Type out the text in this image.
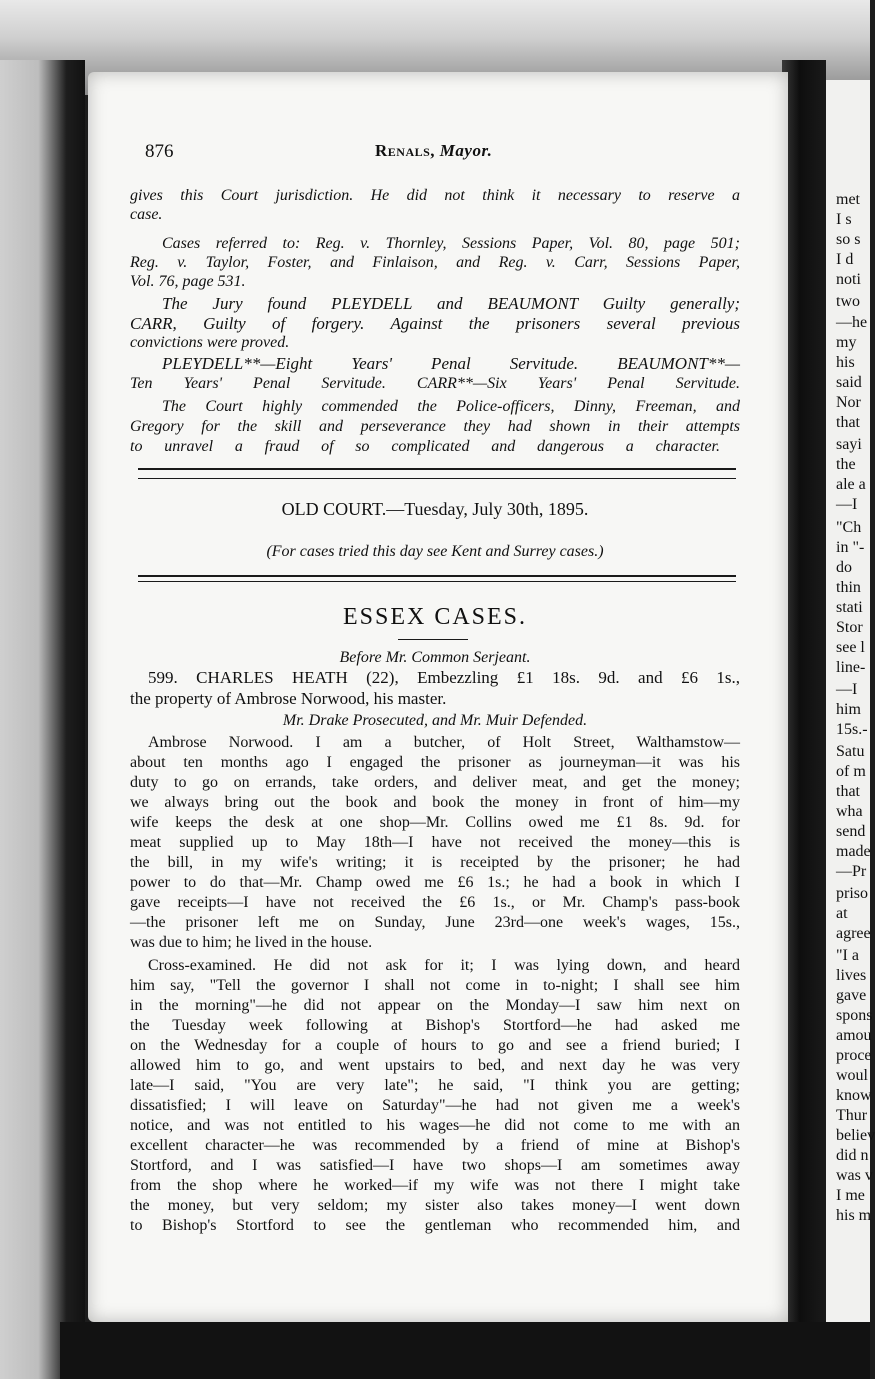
met
I s
so s
I d
noti
two
—he
my
his
said
Nor
that
sayi
the
ale a
—I
"Ch
in "-
do
thin
stati
Stor
see l
line-
—I
him
15s.-
Satu
of m
that
wha
send
made
—Pr
priso
at
agree
"I a
lives
gave
spons
amou
proce
woul
know
Thur
believ
did n
was v
I me
his m
876	Renals, Mayor.
gives this Court jurisdiction. He did not think it necessary to reserve a
case.
Cases referred to: Reg. v. Thornley, Sessions Paper, Vol. 80, page 501;
Reg. v. Taylor, Foster, and Finlaison, and Reg. v. Carr, Sessions Paper,
Vol. 76, page 531.
The Jury found PLEYDELL and BEAUMONT Guilty generally;
CARR, Guilty of forgery. Against the prisoners several previous
convictions were proved.
PLEYDELL**—Eight Years' Penal Servitude. BEAUMONT**—
Ten Years' Penal Servitude. CARR**—Six Years' Penal Servitude.
The Court highly commended the Police-officers, Dinny, Freeman, and
Gregory for the skill and perseverance they had shown in their attempts
to unravel a fraud of so complicated and dangerous a character.
OLD COURT.—Tuesday, July 30th, 1895.
(For cases tried this day see Kent and Surrey cases.)
ESSEX CASES.
Before Mr. Common Serjeant.
599. CHARLES HEATH (22), Embezzling £1 18s. 9d. and £6 1s.,
the property of Ambrose Norwood, his master.
Mr. Drake Prosecuted, and Mr. Muir Defended.
Ambrose Norwood. I am a butcher, of Holt Street, Walthamstow—
about ten months ago I engaged the prisoner as journeyman—it was his
duty to go on errands, take orders, and deliver meat, and get the money;
we always bring out the book and book the money in front of him—my
wife keeps the desk at one shop—Mr. Collins owed me £1 8s. 9d. for
meat supplied up to May 18th—I have not received the money—this is
the bill, in my wife's writing; it is receipted by the prisoner; he had
power to do that—Mr. Champ owed me £6 1s.; he had a book in which I
gave receipts—I have not received the £6 1s., or Mr. Champ's pass-book
—the prisoner left me on Sunday, June 23rd—one week's wages, 15s.,
was due to him; he lived in the house.
Cross-examined. He did not ask for it; I was lying down, and heard
him say, "Tell the governor I shall not come in to-night; I shall see him
in the morning"—he did not appear on the Monday—I saw him next on
the Tuesday week following at Bishop's Stortford—he had asked me
on the Wednesday for a couple of hours to go and see a friend buried; I
allowed him to go, and went upstairs to bed, and next day he was very
late—I said, "You are very late"; he said, "I think you are getting;
dissatisfied; I will leave on Saturday"—he had not given me a week's
notice, and was not entitled to his wages—he did not come to me with an
excellent character—he was recommended by a friend of mine at Bishop's
Stortford, and I was satisfied—I have two shops—I am sometimes away
from the shop where he worked—if my wife was not there I might take
the money, but very seldom; my sister also takes money—I went down
to Bishop's Stortford to see the gentleman who recommended him, and
